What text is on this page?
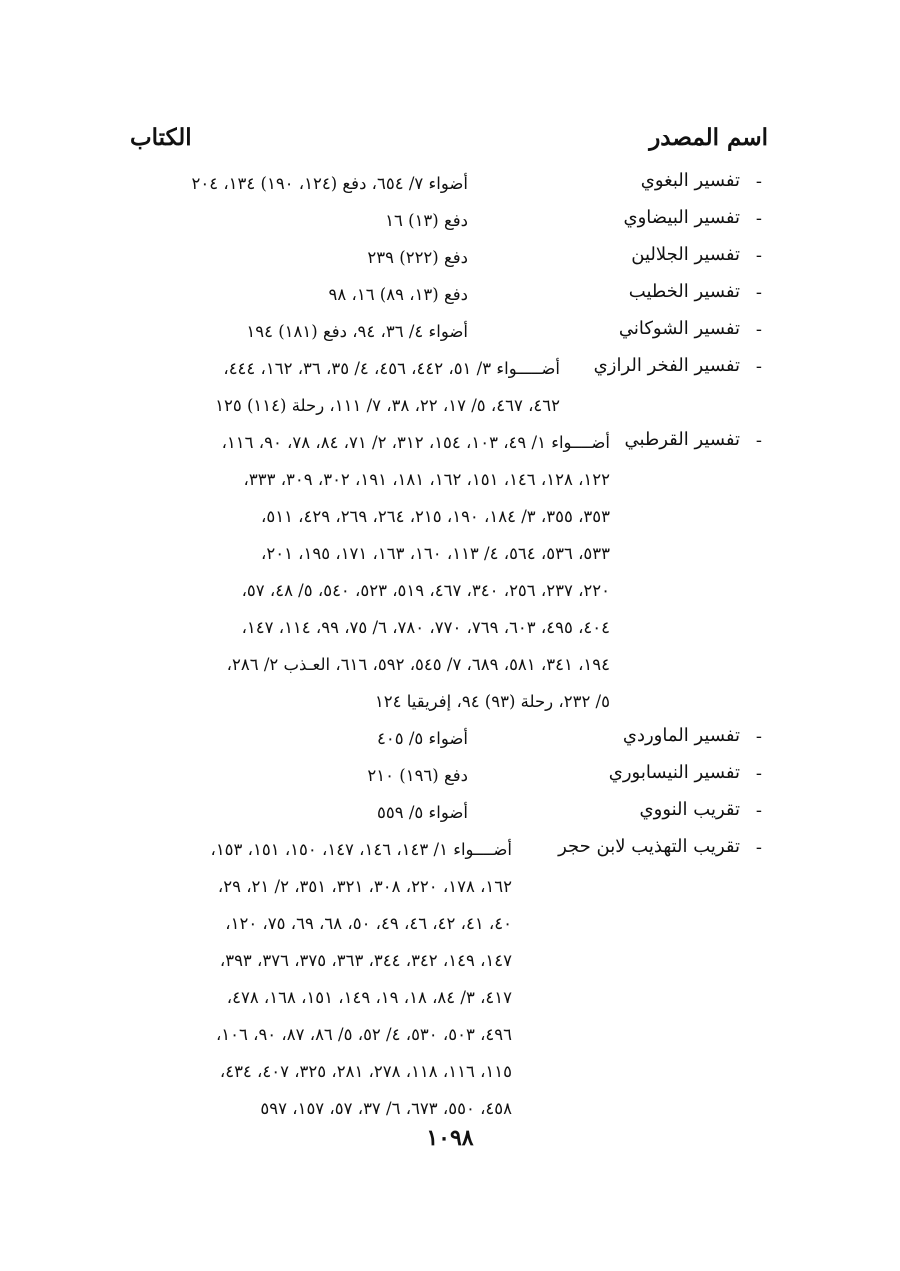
اسم المصدر
الكتاب
-
تفسير البغوي
أضواء ٧/ ٦٥٤، دفع (١٢٤، ١٩٠) ١٣٤، ٢٠٤
-
تفسير البيضاوي
دفع (١٣) ١٦
-
تفسير الجلالين
دفع (٢٢٢) ٢٣٩
-
تفسير الخطيب
دفع (١٣، ٨٩) ١٦، ٩٨
-
تفسير الشوكاني
أضواء ٤/ ٣٦، ٩٤، دفع (١٨١) ١٩٤
-
تفسير الفخر الرازي
أضـــــواء ٣/ ٥١، ٤٤٢، ٤٥٦، ٤/ ٣٥، ٣٦، ١٦٢، ٤٤٤،
٤٦٢، ٤٦٧، ٥/ ١٧، ٢٢، ٣٨، ٧/ ١١١، رحلة (١١٤) ١٢٥
-
تفسير القرطبي
أضــــواء ١/ ٤٩، ١٠٣، ١٥٤، ٣١٢، ٢/ ٧١، ٨٤، ٧٨، ٩٠، ١١٦،
١٢٢، ١٢٨، ١٤٦، ١٥١، ١٦٢، ١٨١، ١٩١، ٣٠٢، ٣٠٩، ٣٣٣،
٣٥٣، ٣٥٥، ٣/ ١٨٤، ١٩٠، ٢١٥، ٢٦٤، ٢٦٩، ٤٢٩، ٥١١،
٥٣٣، ٥٣٦، ٥٦٤، ٤/ ١١٣، ١٦٠، ١٦٣، ١٧١، ١٩٥، ٢٠١،
٢٢٠، ٢٣٧، ٢٥٦، ٣٤٠، ٤٦٧، ٥١٩، ٥٢٣، ٥٤٠، ٥/ ٤٨، ٥٧،
٤٠٤، ٤٩٥، ٦٠٣، ٧٦٩، ٧٧٠، ٧٨٠، ٦/ ٧٥، ٩٩، ١١٤، ١٤٧،
١٩٤، ٣٤١، ٥٨١، ٦٨٩، ٧/ ٥٤٥، ٥٩٢، ٦١٦، العـذب ٢/ ٢٨٦،
٥/ ٢٣٢، رحلة (٩٣) ٩٤، إفريقيا ١٢٤
-
تفسير الماوردي
أضواء ٥/ ٤٠٥
-
تفسير النيسابوري
دفع (١٩٦) ٢١٠
-
تقريب النووي
أضواء ٥/ ٥٥٩
-
تقريب التهذيب لابن حجر
أضــــواء ١/ ١٤٣، ١٤٦، ١٤٧، ١٥٠، ١٥١، ١٥٣،
١٦٢، ١٧٨، ٢٢٠، ٣٠٨، ٣٢١، ٣٥١، ٢/ ٢١، ٢٩،
٤٠، ٤١، ٤٢، ٤٦، ٤٩، ٥٠، ٦٨، ٦٩، ٧٥، ١٢٠،
١٤٧، ١٤٩، ٣٤٢، ٣٤٤، ٣٦٣، ٣٧٥، ٣٧٦، ٣٩٣،
٤١٧، ٣/ ٨٤، ١٨، ١٩، ١٤٩، ١٥١، ١٦٨، ٤٧٨،
٤٩٦، ٥٠٣، ٥٣٠، ٤/ ٥٢، ٥/ ٨٦، ٨٧، ٩٠، ١٠٦،
١١٥، ١١٦، ١١٨، ٢٧٨، ٢٨١، ٣٢٥، ٤٠٧، ٤٣٤،
٤٥٨، ٥٥٠، ٦٧٣، ٦/ ٣٧، ٥٧، ١٥٧، ٥٩٧
١٠٩٨
